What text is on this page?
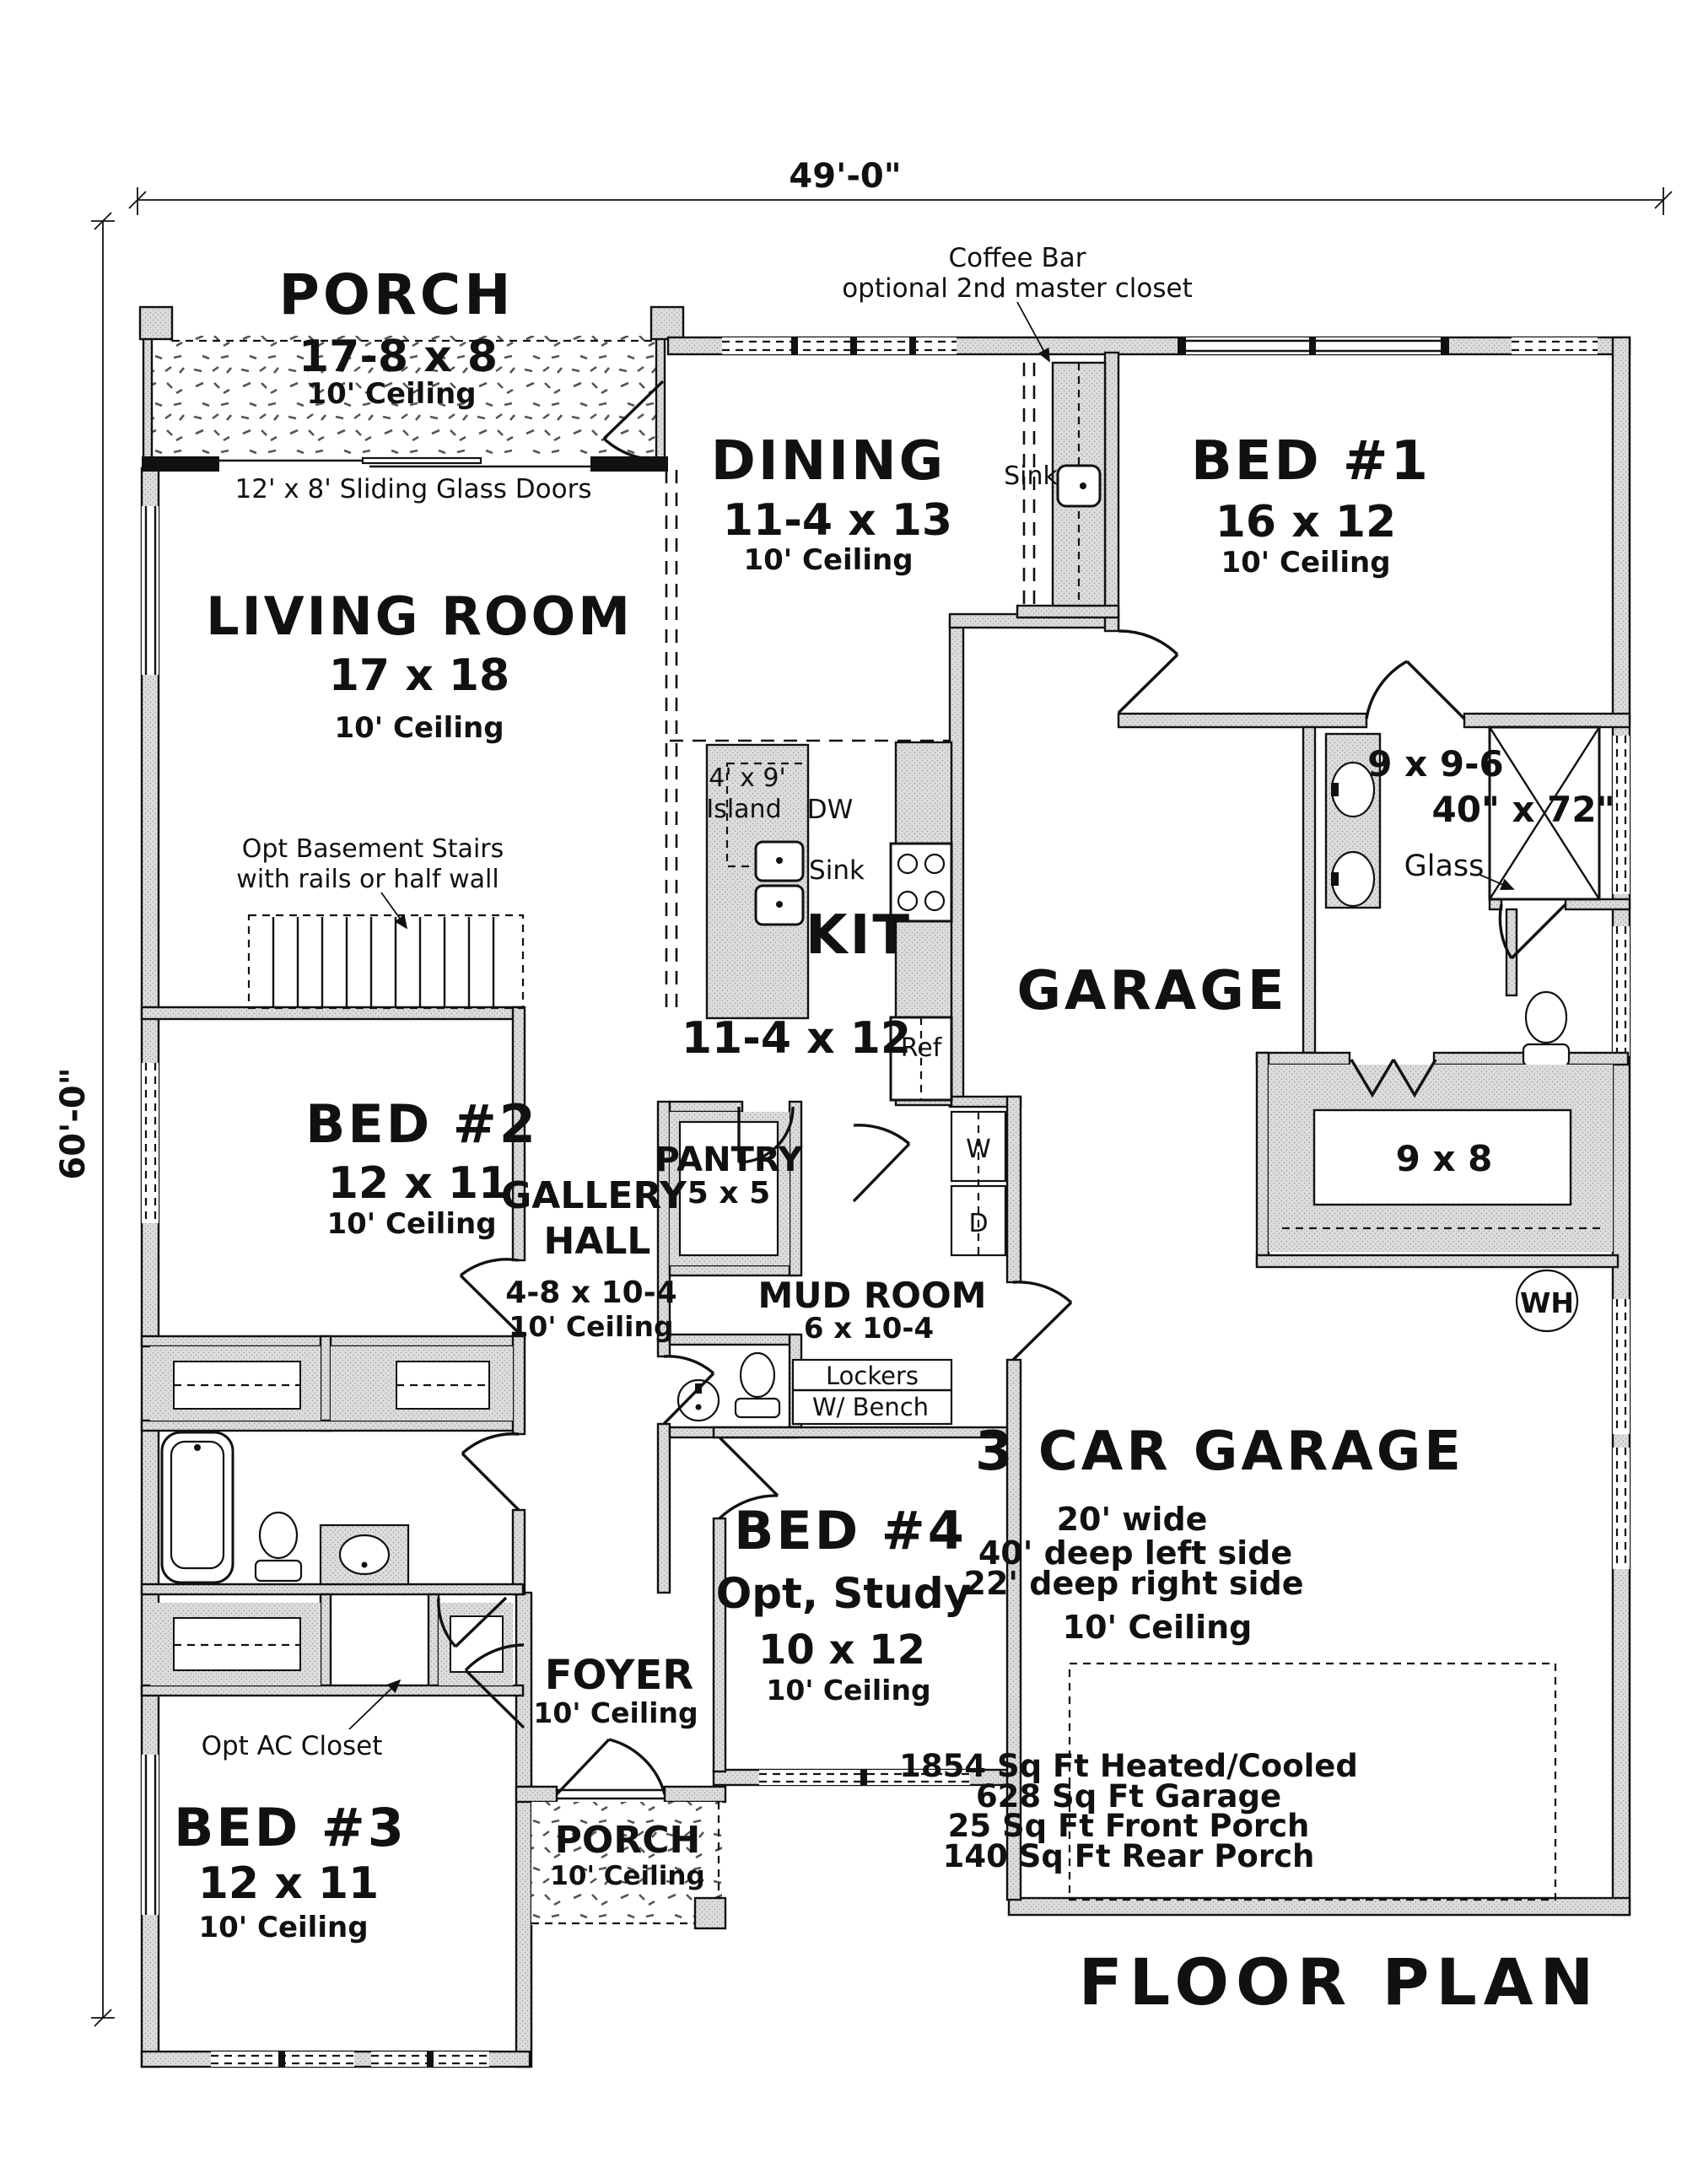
49'-0"
60'-0"
PORCH
17-8 x 8
10' Ceiling
12' x 8' Sliding Glass Doors
LIVING ROOM
17 x 18
10' Ceiling
Opt Basement Stairs
with rails or half wall
DINING
11-4 x 13
10' Ceiling
Coffee Bar
optional 2nd master closet
Sink BED #1
16 x 12
10' Ceiling
4' x 9'
Island DW
Sink
KIT
11-4 x 12
Ref
GARAGE
9 x 9-6
40" x 72"
Glass
9 x 8
WH
BED #2
12 x 11
10' Ceiling
GALLERY
HALL
4-8 x 10-4
10' Ceiling
PANTRY
5 x 5
MUD ROOM
6 x 10-4
Lockers
W/ Bench
W
D
BED #4
Opt, Study
10 x 12
10' Ceiling
FOYER
10' Ceiling
PORCH
10' Ceiling
Opt AC Closet
BED #3
12 x 11
10' Ceiling
3 CAR GARAGE
20' wide
40' deep left side
22' deep right side
10' Ceiling
1854 Sq Ft Heated/Cooled
628 Sq Ft Garage
25 Sq Ft Front Porch
140 Sq Ft Rear Porch
FLOOR PLAN
